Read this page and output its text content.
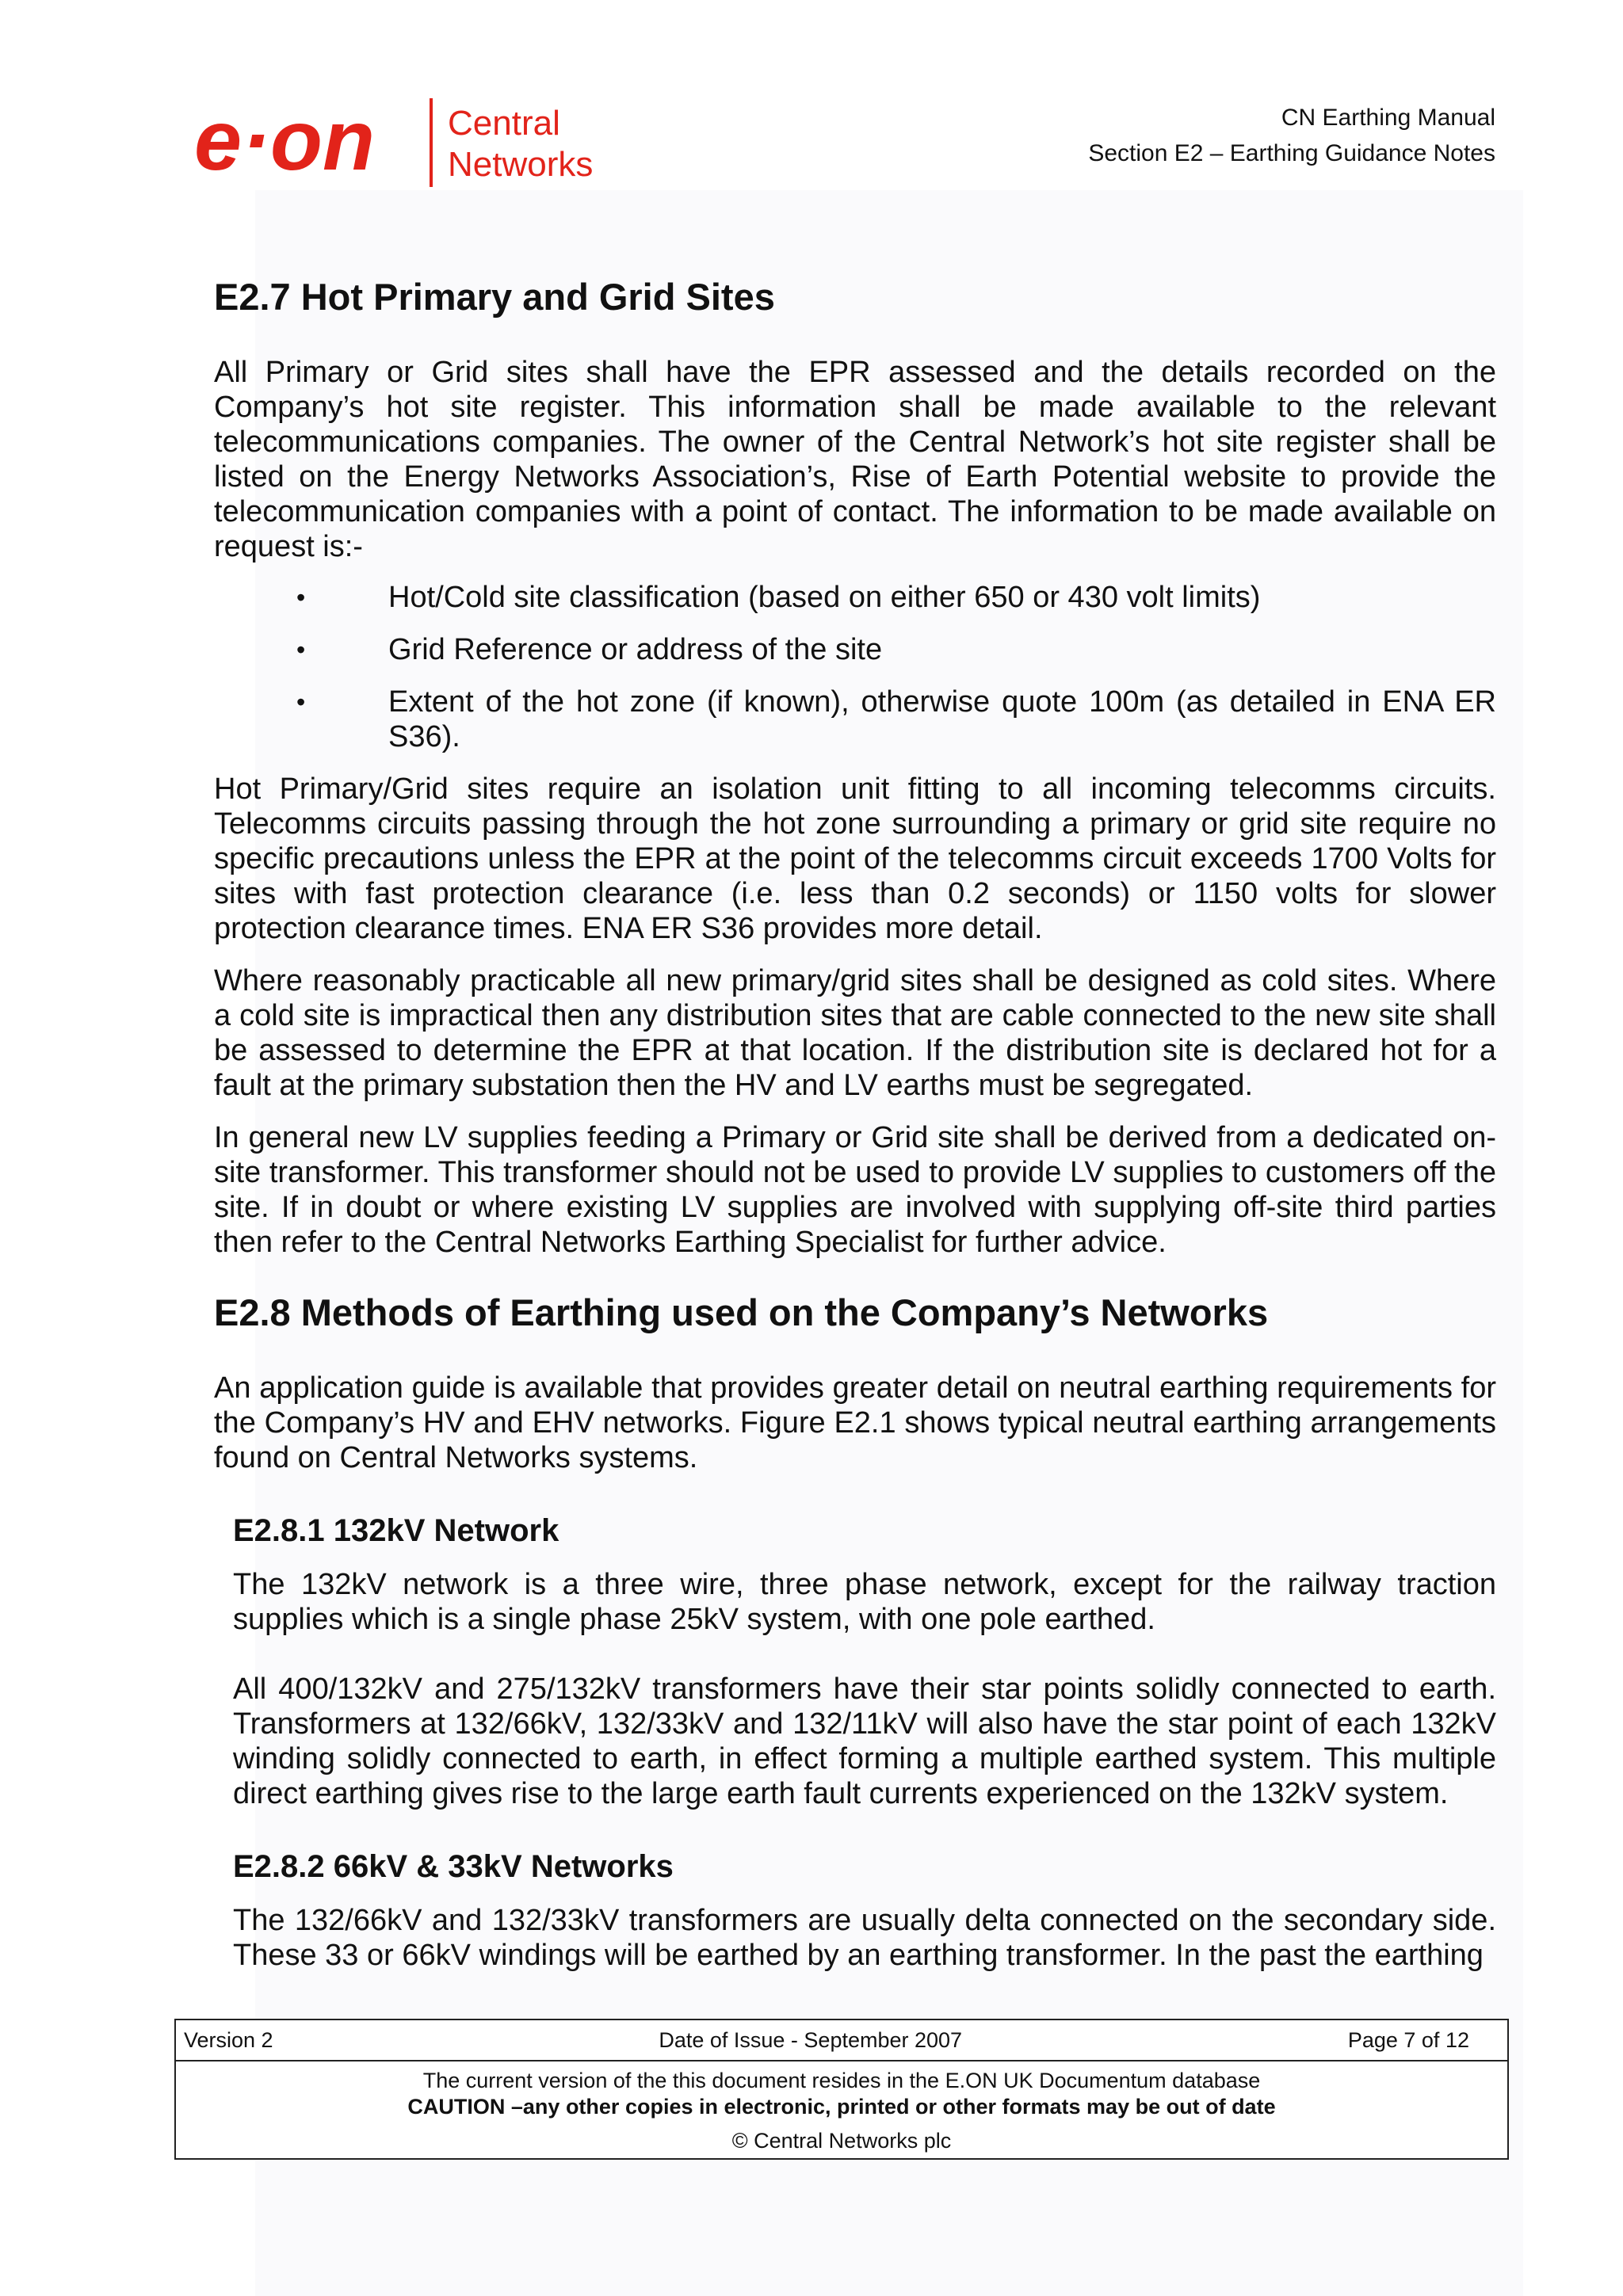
e·on Central
Networks
CN Earthing Manual
Section E2 – Earthing Guidance Notes
E2.7 Hot Primary and Grid Sites

All Primary or Grid sites shall have the EPR assessed and the details recorded on the Company’s hot site register. This information shall be made available to the relevant telecommunications companies. The owner of the Central Network’s hot site register shall be listed on the Energy Networks Association’s, Rise of Earth Potential website to provide the telecommunication companies with a point of contact. The information to be made available on request is:-

•	Hot/Cold site classification (based on either 650 or 430 volt limits)
•	Grid Reference or address of the site
•	Extent of the hot zone (if known), otherwise quote 100m (as detailed in ENA ER S36).

Hot Primary/Grid sites require an isolation unit fitting to all incoming telecomms circuits. Telecomms circuits passing through the hot zone surrounding a primary or grid site require no specific precautions unless the EPR at the point of the telecomms circuit exceeds 1700 Volts for sites with fast protection clearance (i.e. less than 0.2 seconds) or 1150 volts for slower protection clearance times. ENA ER S36 provides more detail.

Where reasonably practicable all new primary/grid sites shall be designed as cold sites. Where a cold site is impractical then any distribution sites that are cable connected to the new site shall be assessed to determine the EPR at that location. If the distribution site is declared hot for a fault at the primary substation then the HV and LV earths must be segregated.

In general new LV supplies feeding a Primary or Grid site shall be derived from a dedicated on-site transformer. This transformer should not be used to provide LV supplies to customers off the site. If in doubt or where existing LV supplies are involved with supplying off-site third parties then refer to the Central Networks Earthing Specialist for further advice.

E2.8 Methods of Earthing used on the Company’s Networks

An application guide is available that provides greater detail on neutral earthing requirements for the Company’s HV and EHV networks. Figure E2.1 shows typical neutral earthing arrangements found on Central Networks systems.

E2.8.1 132kV Network

The 132kV network is a three wire, three phase network, except for the railway traction supplies which is a single phase 25kV system, with one pole earthed.

All 400/132kV and 275/132kV transformers have their star points solidly connected to earth. Transformers at 132/66kV, 132/33kV and 132/11kV will also have the star point of each 132kV winding solidly connected to earth, in effect forming a multiple earthed system. This multiple direct earthing gives rise to the large earth fault currents experienced on the 132kV system.

E2.8.2 66kV & 33kV Networks

The 132/66kV and 132/33kV transformers are usually delta connected on the secondary side. These 33 or 66kV windings will be earthed by an earthing transformer. In the past the earthing

Version 2	Date of Issue - September 2007	Page 7 of 12
The current version of the this document resides in the E.ON UK Documentum database
CAUTION –any other copies in electronic, printed or other formats may be out of date
© Central Networks plc
